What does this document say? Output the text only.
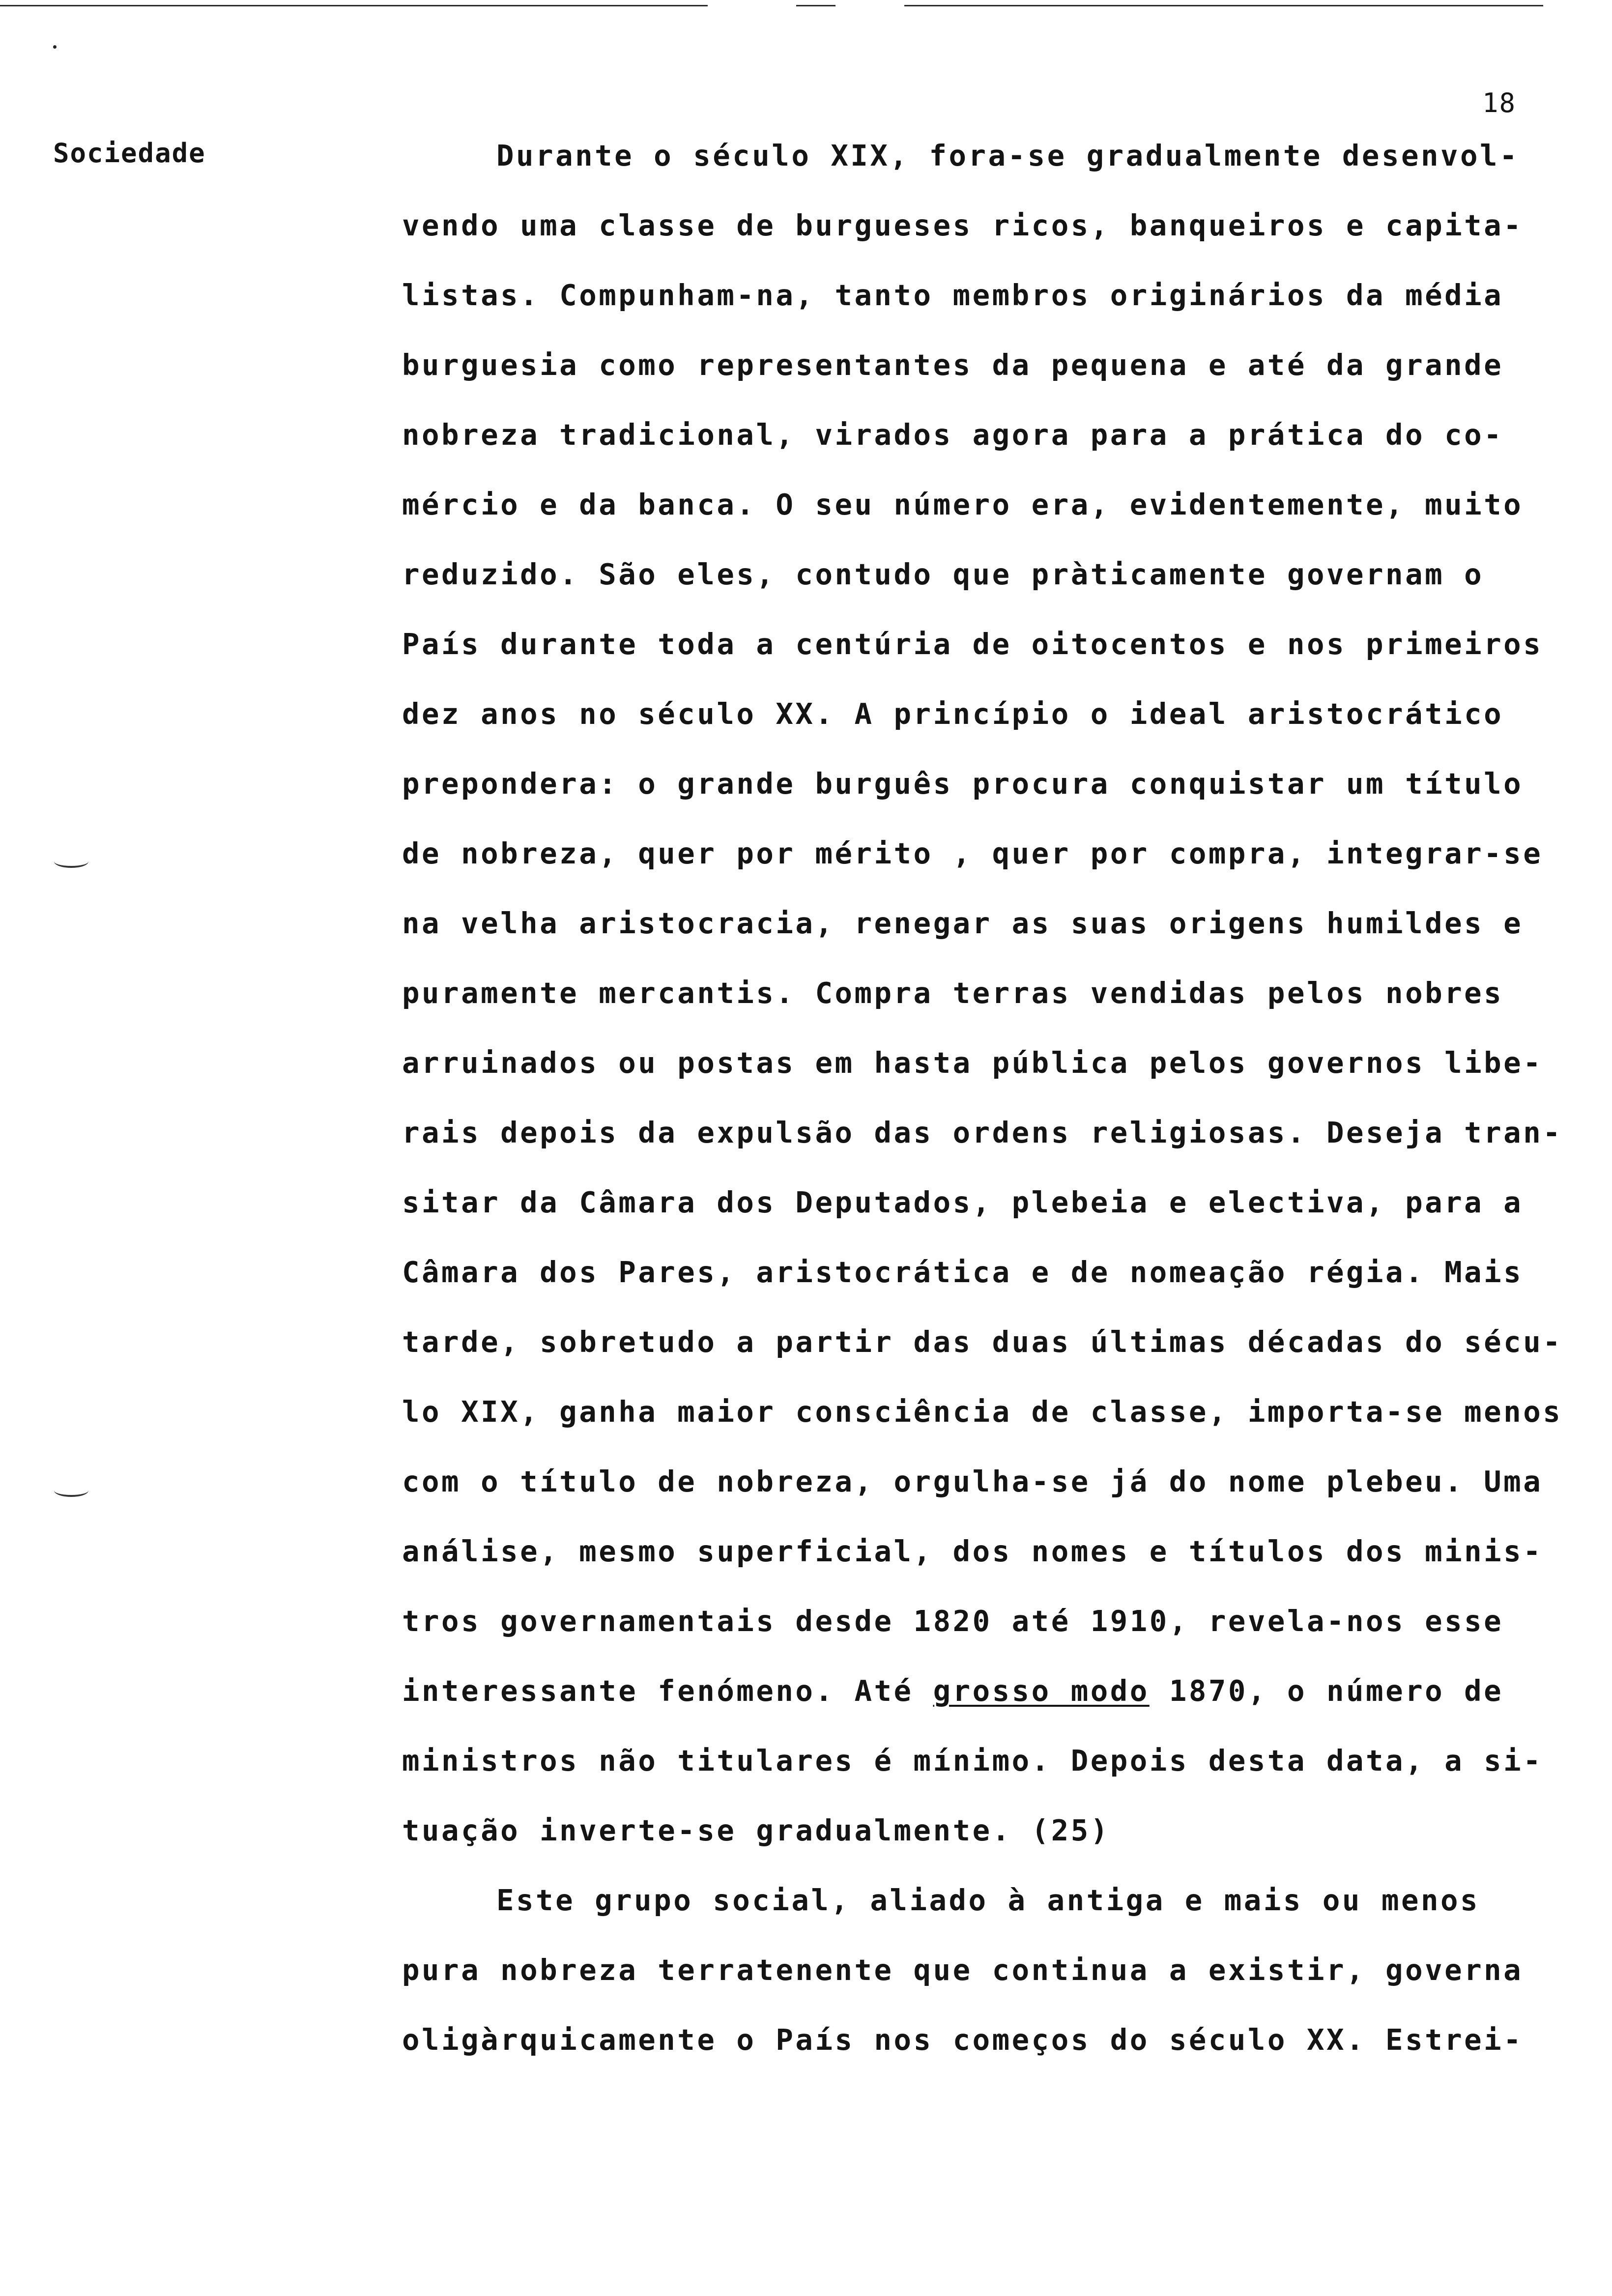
18
Sociedade	Durante o século XIX, fora-se gradualmente desenvol-
vendo uma classe de burgueses ricos, banqueiros e capita-
listas. Compunham-na, tanto membros originários da média
burguesia como representantes da pequena e até da grande
nobreza tradicional, virados agora para a prática do co-
mércio e da banca. O seu número era, evidentemente, muito
reduzido. São eles, contudo que pràticamente governam o
País durante toda a centúria de oitocentos e nos primeiros
dez anos no século XX. A princípio o ideal aristocrático
prepondera: o grande burguês procura conquistar um título
de nobreza, quer por mérito , quer por compra, integrar-se
na velha aristocracia, renegar as suas origens humildes e
puramente mercantis. Compra terras vendidas pelos nobres
arruinados ou postas em hasta pública pelos governos libe-
rais depois da expulsão das ordens religiosas. Deseja tran-
sitar da Câmara dos Deputados, plebeia e electiva, para a
Câmara dos Pares, aristocrática e de nomeação régia. Mais
tarde, sobretudo a partir das duas últimas décadas do sécu-
lo XIX, ganha maior consciência de classe, importa-se menos
com o título de nobreza, orgulha-se já do nome plebeu. Uma
análise, mesmo superficial, dos nomes e títulos dos minis-
tros governamentais desde 1820 até 1910, revela-nos esse
interessante fenómeno. Até grosso modo 1870, o número de
ministros não titulares é mínimo. Depois desta data, a si-
tuação inverte-se gradualmente. (25)
Este grupo social, aliado à antiga e mais ou menos
pura nobreza terratenente que continua a existir, governa
oligàrquicamente o País nos começos do século XX. Estrei-
